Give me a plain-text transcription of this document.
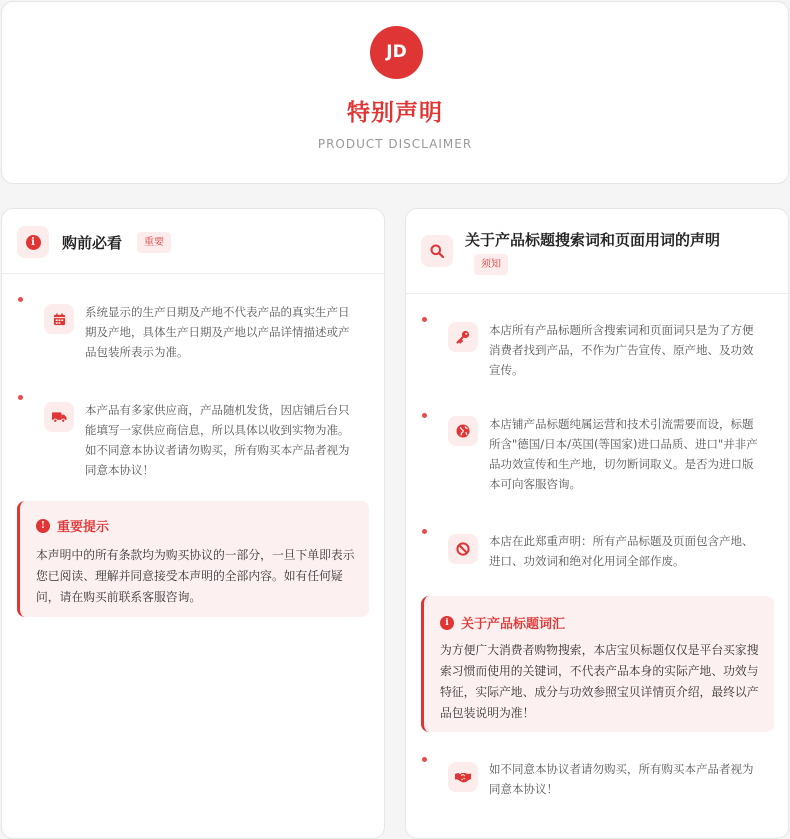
JD
特别声明
PRODUCT DISCLAIMER
i	购前必看	重要
系统显示的生产日期及产地不代表产品的真实生产日期及产地，具体生产日期及产地以产品详情描述或产品包装所表示为准。
本产品有多家供应商，产品随机发货，因店铺后台只能填写一家供应商信息，所以具体以收到实物为准。如不同意本协议者请勿购买，所有购买本产品者视为同意本协议！
! 重要提示
本声明中的所有条款均为购买协议的一部分，一旦下单即表示您已阅读、理解并同意接受本声明的全部内容。如有任何疑问，请在购买前联系客服咨询。
关于产品标题搜索词和页面用词的声明
须知
本店所有产品标题所含搜索词和页面词只是为了方便消费者找到产品，不作为广告宣传、原产地、及功效宣传。
本店铺产品标题纯属运营和技术引流需要而设，标题所含"德国/日本/英国(等国家)进口品质、进口"并非产品功效宣传和生产地，切勿断词取义。是否为进口版本可向客服咨询。
本店在此郑重声明：所有产品标题及页面包含产地、进口、功效词和绝对化用词全部作废。
i 关于产品标题词汇
为方便广大消费者购物搜索，本店宝贝标题仅仅是平台买家搜索习惯而使用的关键词，不代表产品本身的实际产地、功效与特征，实际产地、成分与功效参照宝贝详情页介绍，最终以产品包装说明为准！
如不同意本协议者请勿购买，所有购买本产品者视为同意本协议！
